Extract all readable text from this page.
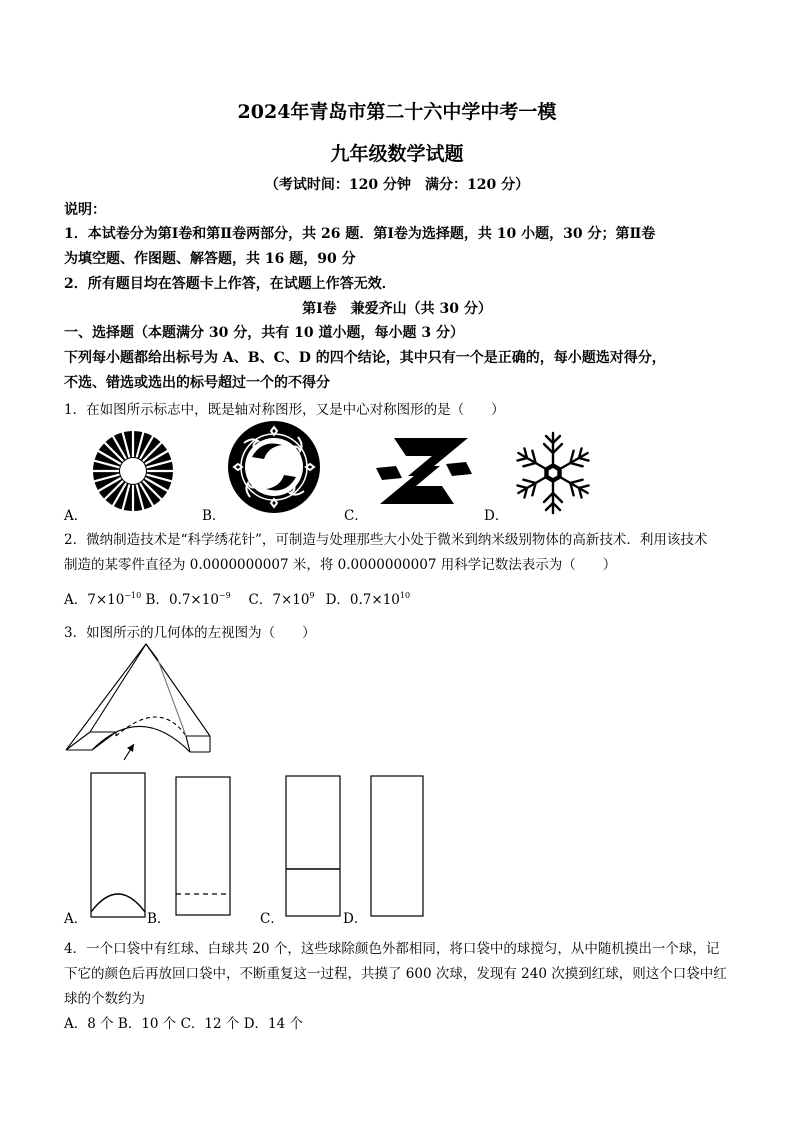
2024年青岛市第二十六中学中考一模
九年级数学试题
（考试时间：120 分钟　满分：120 分）
说明：
1．本试卷分为第Ⅰ卷和第Ⅱ卷两部分，共 26 题．第Ⅰ卷为选择题，共 10 小题，30 分；第Ⅱ卷
为填空题、作图题、解答题，共 16 题，90 分
2．所有题目均在答题卡上作答，在试题上作答无效．
第Ⅰ卷　兼爱齐山（共 30 分）
一、选择题（本题满分 30 分，共有 10 道小题，每小题 3 分）
下列每小题都给出标号为 A、B、C、D 的四个结论，其中只有一个是正确的，每小题选对得分，
不选、错选或选出的标号超过一个的不得分
1．在如图所示标志中，既是轴对称图形，又是中心对称图形的是（　　）
A．	B．	C．	D．
2．微纳制造技术是“科学绣花针”，可制造与处理那些大小处于微米到纳米级别物体的高新技术．利用该技术
制造的某零件直径为 0.0000000007 米，将 0.0000000007 用科学记数法表示为（　　）
A．$7\times 10^{-10}$ B．$0.7\times 10^{-9}$   C．$7\times 10^9$   D．$0.7\times 10^{10}$
3．如图所示的几何体的左视图为（　　）
A．	B．	C．	D．
4．一个口袋中有红球、白球共 20 个，这些球除颜色外都相同，将口袋中的球搅匀，从中随机摸出一个球，记
下它的颜色后再放回口袋中，不断重复这一过程，共摸了 600 次球，发现有 240 次摸到红球，则这个口袋中红
球的个数约为
A．8 个 B．10 个 C．12 个 D．14 个
